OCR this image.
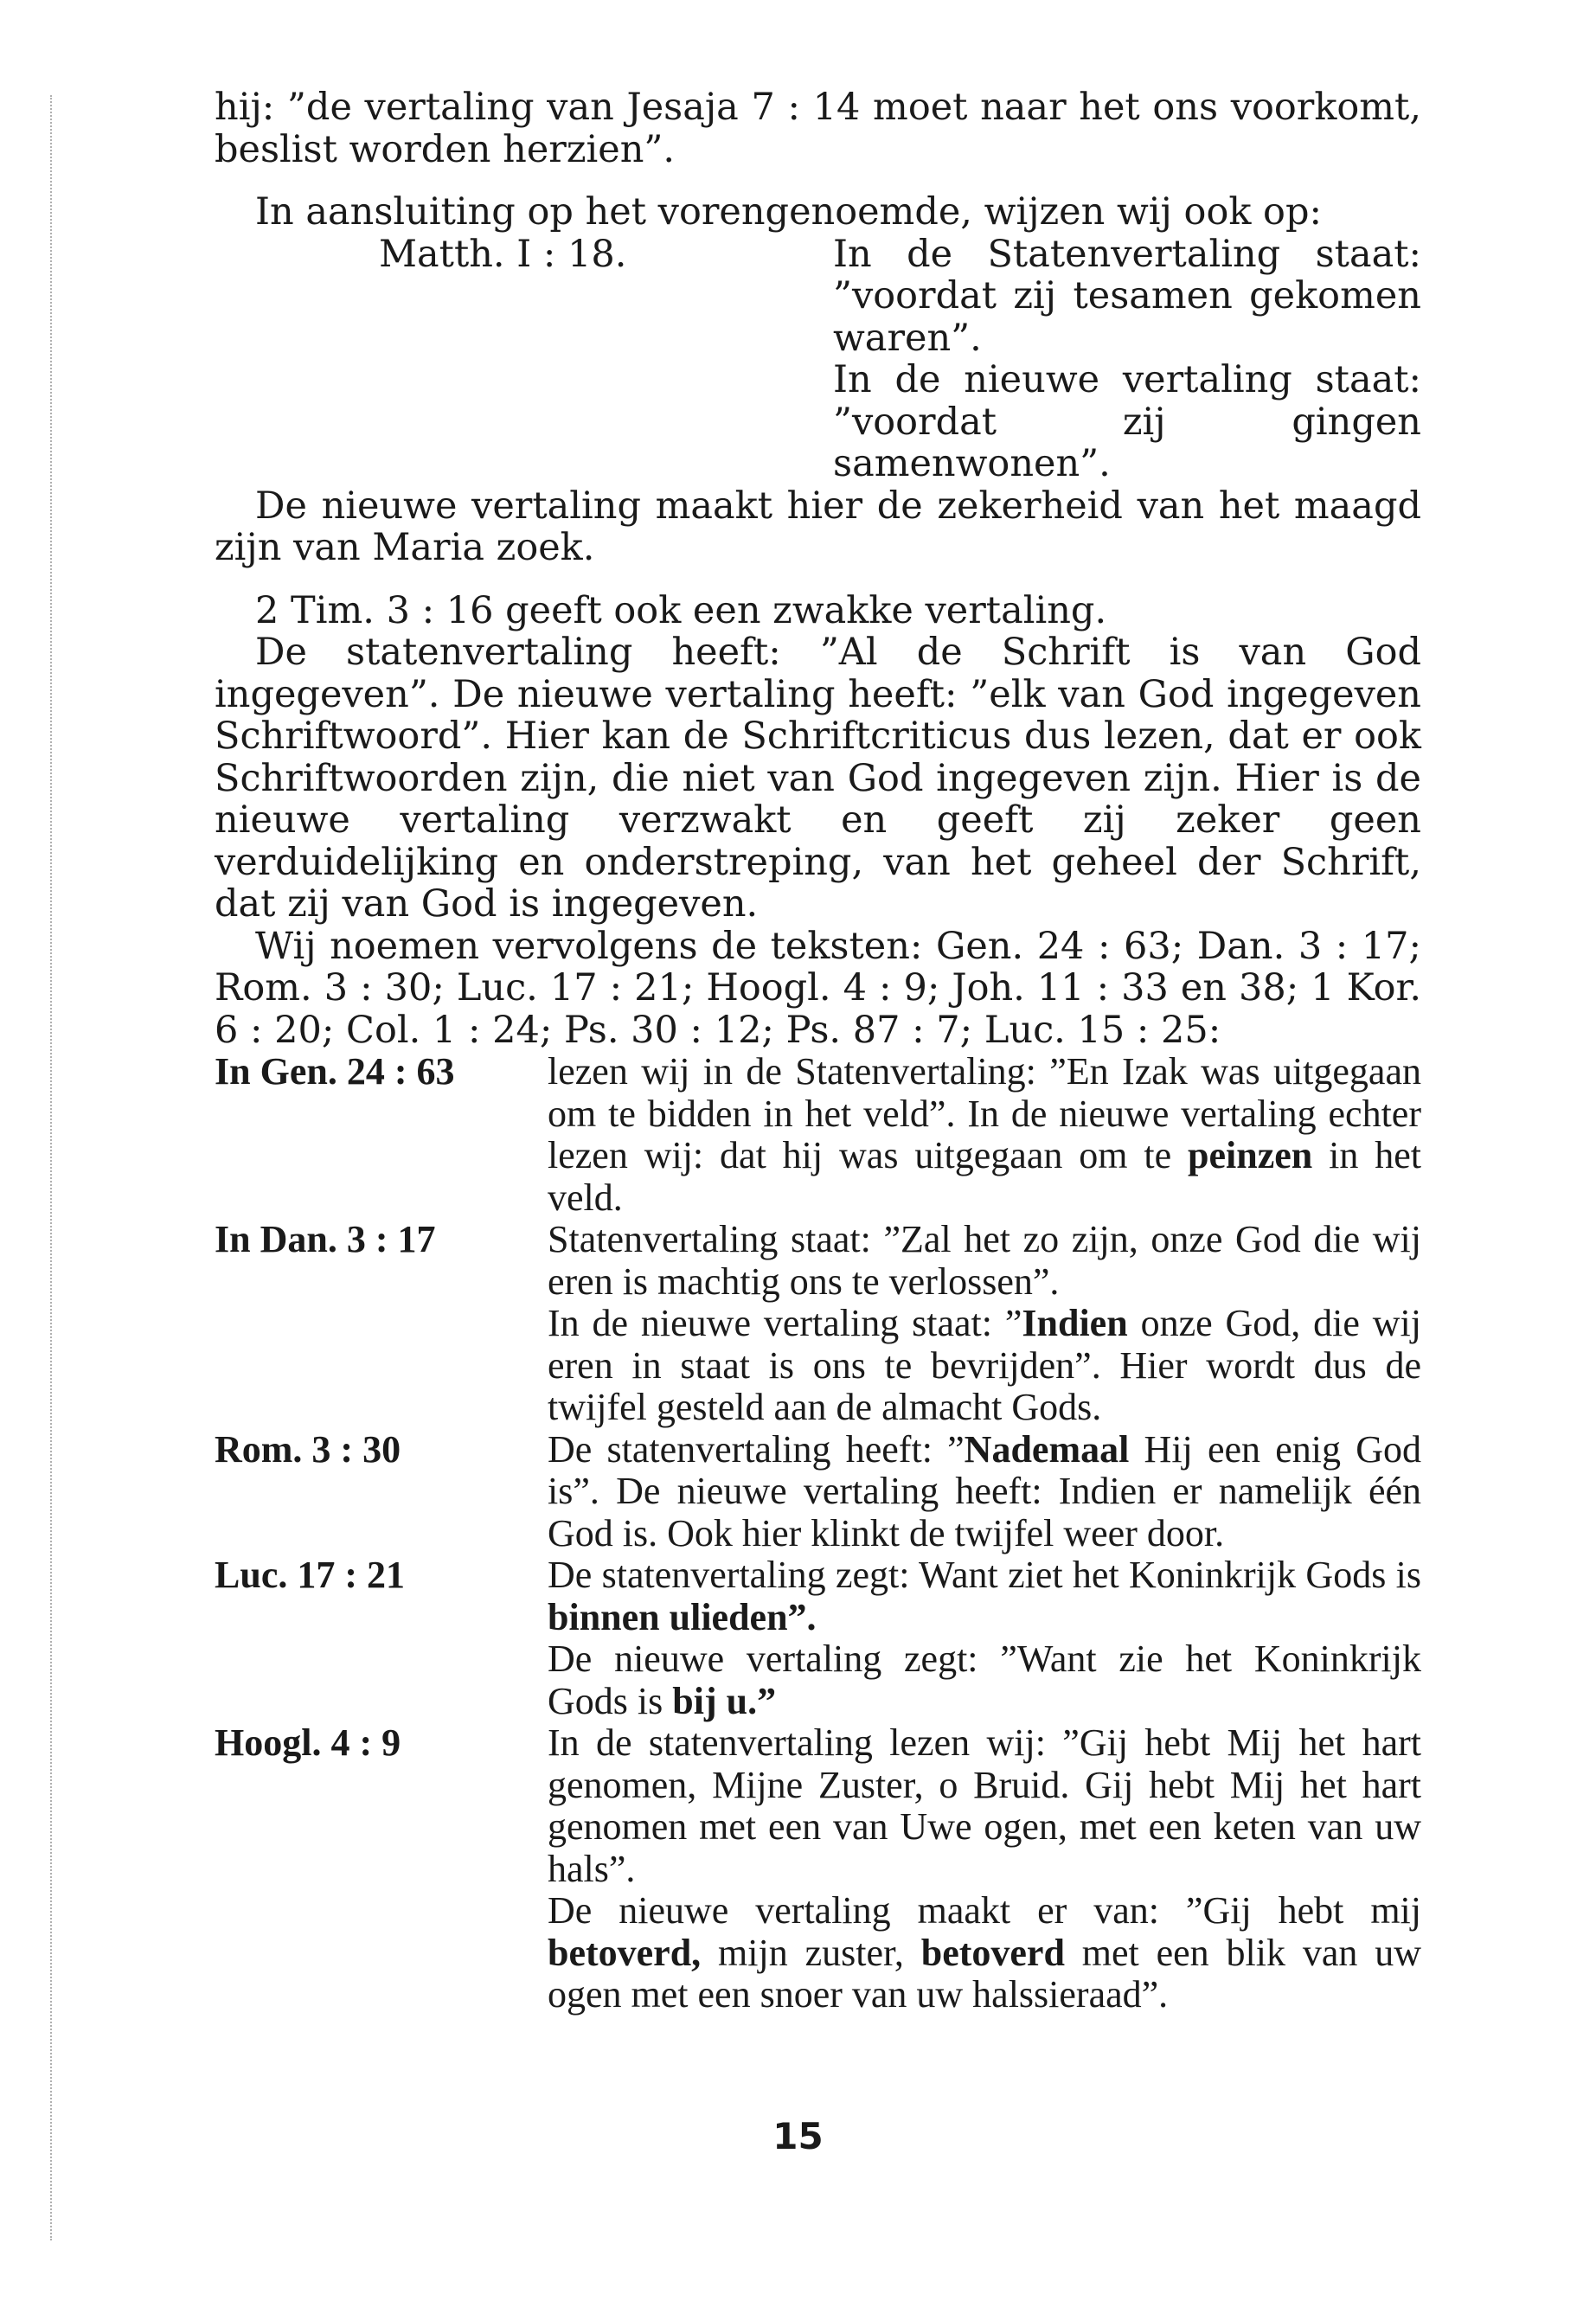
hij: ”de vertaling van Jesaja 7 : 14 moet naar het ons voorkomt, beslist worden herzien”.

In aansluiting op het vorengenoemde, wijzen wij ook op:

Matth. I : 18.	In de Statenvertaling staat: ”voordat zij tesamen gekomen waren”.

In de nieuwe vertaling staat: ”voordat zij gingen samenwonen”.

De nieuwe vertaling maakt hier de zekerheid van het maagd zijn van Maria zoek.

2 Tim. 3 : 16 geeft ook een zwakke vertaling.

De statenvertaling heeft: ”Al de Schrift is van God ingegeven”. De nieuwe vertaling heeft: ”elk van God ingegeven Schriftwoord”. Hier kan de Schriftcriticus dus lezen, dat er ook Schriftwoorden zijn, die niet van God ingegeven zijn. Hier is de nieuwe vertaling verzwakt en geeft zij zeker geen verduidelijking en onderstreping, van het geheel der Schrift, dat zij van God is ingegeven.

Wij noemen vervolgens de teksten: Gen. 24 : 63; Dan. 3 : 17; Rom. 3 : 30; Luc. 17 : 21; Hoogl. 4 : 9; Joh. 11 : 33 en 38; 1 Kor. 6 : 20; Col. 1 : 24; Ps. 30 : 12; Ps. 87 : 7; Luc. 15 : 25:

In Gen. 24 : 63	lezen wij in de Statenvertaling: ”En Izak was uitgegaan om te bidden in het veld”. In de nieuwe vertaling echter lezen wij: dat hij was uitgegaan om te peinzen in het veld.

In Dan. 3 : 17	Statenvertaling staat: ”Zal het zo zijn, onze God die wij eren is machtig ons te verlossen”.

In de nieuwe vertaling staat: ”Indien onze God, die wij eren in staat is ons te bevrijden”. Hier wordt dus de twijfel gesteld aan de almacht Gods.

Rom. 3 : 30	De statenvertaling heeft: ”Nademaal Hij een enig God is”. De nieuwe vertaling heeft: Indien er namelijk één God is. Ook hier klinkt de twijfel weer door.

Luc. 17 : 21	De statenvertaling zegt: Want ziet het Koninkrijk Gods is binnen ulieden”.

De nieuwe vertaling zegt: ”Want zie het Koninkrijk Gods is bij u.”

Hoogl. 4 : 9	In de statenvertaling lezen wij: ”Gij hebt Mij het hart genomen, Mijne Zuster, o Bruid. Gij hebt Mij het hart genomen met een van Uwe ogen, met een keten van uw hals”.

De nieuwe vertaling maakt er van: ”Gij hebt mij betoverd, mijn zuster, betoverd met een blik van uw ogen met een snoer van uw halssieraad”.

15
